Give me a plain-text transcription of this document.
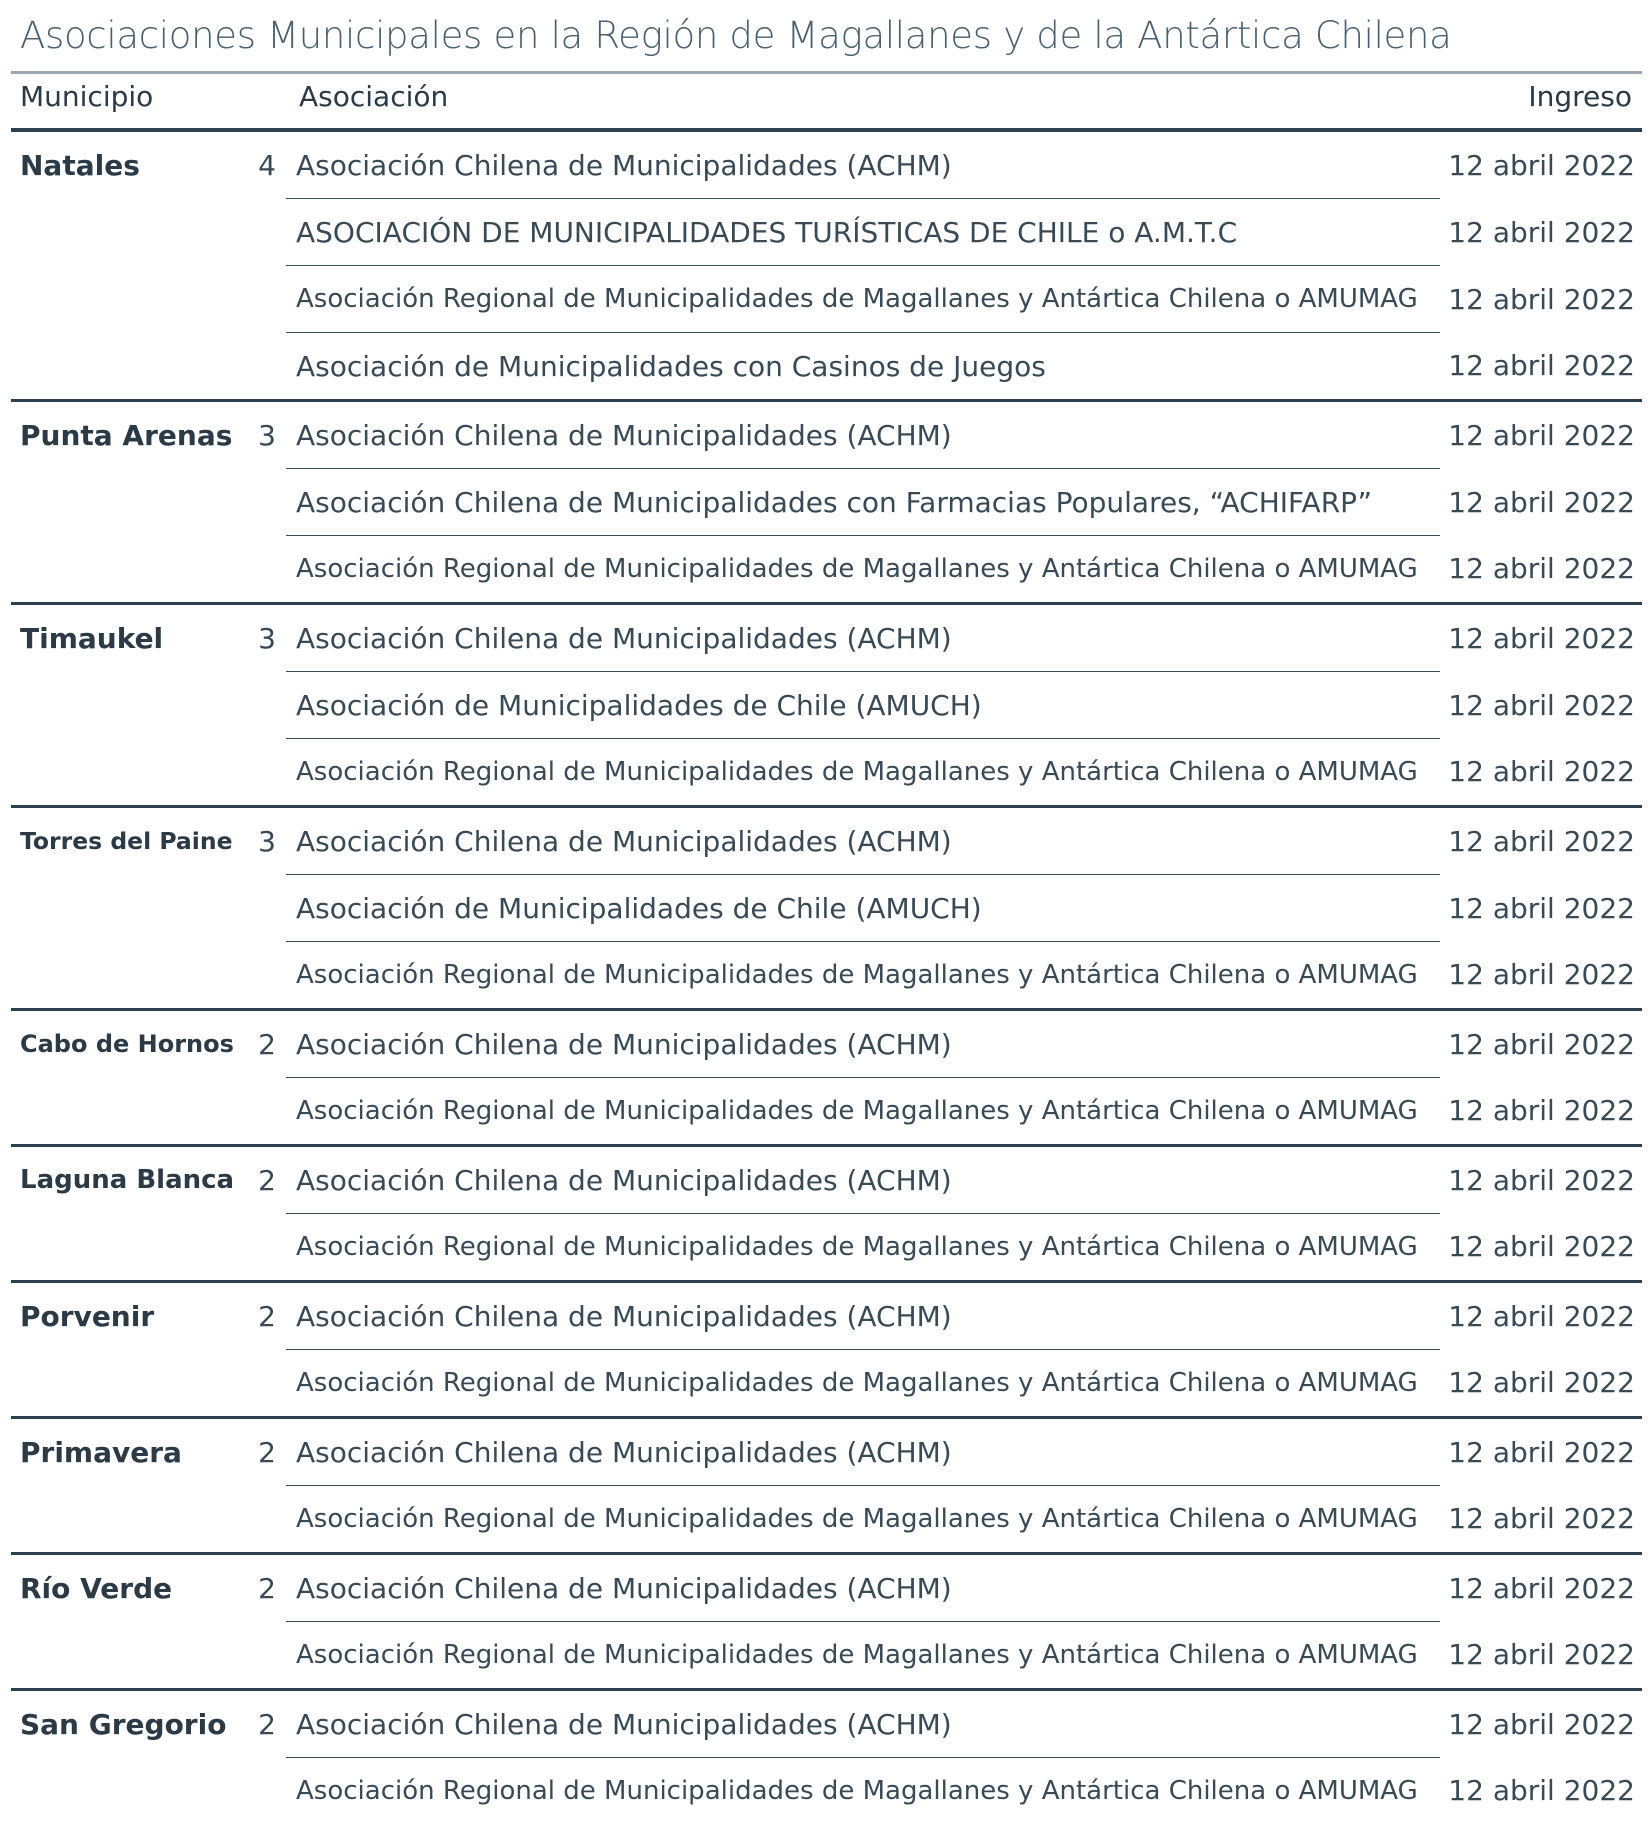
Asociaciones Municipales en la Región de Magallanes y de la Antártica Chilena
Municipio	Asociación	Ingreso
Natales	4	Asociación Chilena de Municipalidades (ACHM)	12 abril 2022
		ASOCIACIÓN DE MUNICIPALIDADES TURÍSTICAS DE CHILE o A.M.T.C	12 abril 2022
		Asociación Regional de Municipalidades de Magallanes y Antártica Chilena o AMUMAG	12 abril 2022
		Asociación de Municipalidades con Casinos de Juegos	12 abril 2022
Punta Arenas	3	Asociación Chilena de Municipalidades (ACHM)	12 abril 2022
		Asociación Chilena de Municipalidades con Farmacias Populares, “ACHIFARP”	12 abril 2022
		Asociación Regional de Municipalidades de Magallanes y Antártica Chilena o AMUMAG	12 abril 2022
Timaukel	3	Asociación Chilena de Municipalidades (ACHM)	12 abril 2022
		Asociación de Municipalidades de Chile (AMUCH)	12 abril 2022
		Asociación Regional de Municipalidades de Magallanes y Antártica Chilena o AMUMAG	12 abril 2022
Torres del Paine	3	Asociación Chilena de Municipalidades (ACHM)	12 abril 2022
		Asociación de Municipalidades de Chile (AMUCH)	12 abril 2022
		Asociación Regional de Municipalidades de Magallanes y Antártica Chilena o AMUMAG	12 abril 2022
Cabo de Hornos	2	Asociación Chilena de Municipalidades (ACHM)	12 abril 2022
		Asociación Regional de Municipalidades de Magallanes y Antártica Chilena o AMUMAG	12 abril 2022
Laguna Blanca	2	Asociación Chilena de Municipalidades (ACHM)	12 abril 2022
		Asociación Regional de Municipalidades de Magallanes y Antártica Chilena o AMUMAG	12 abril 2022
Porvenir	2	Asociación Chilena de Municipalidades (ACHM)	12 abril 2022
		Asociación Regional de Municipalidades de Magallanes y Antártica Chilena o AMUMAG	12 abril 2022
Primavera	2	Asociación Chilena de Municipalidades (ACHM)	12 abril 2022
		Asociación Regional de Municipalidades de Magallanes y Antártica Chilena o AMUMAG	12 abril 2022
Río Verde	2	Asociación Chilena de Municipalidades (ACHM)	12 abril 2022
		Asociación Regional de Municipalidades de Magallanes y Antártica Chilena o AMUMAG	12 abril 2022
San Gregorio	2	Asociación Chilena de Municipalidades (ACHM)	12 abril 2022
		Asociación Regional de Municipalidades de Magallanes y Antártica Chilena o AMUMAG	12 abril 2022
